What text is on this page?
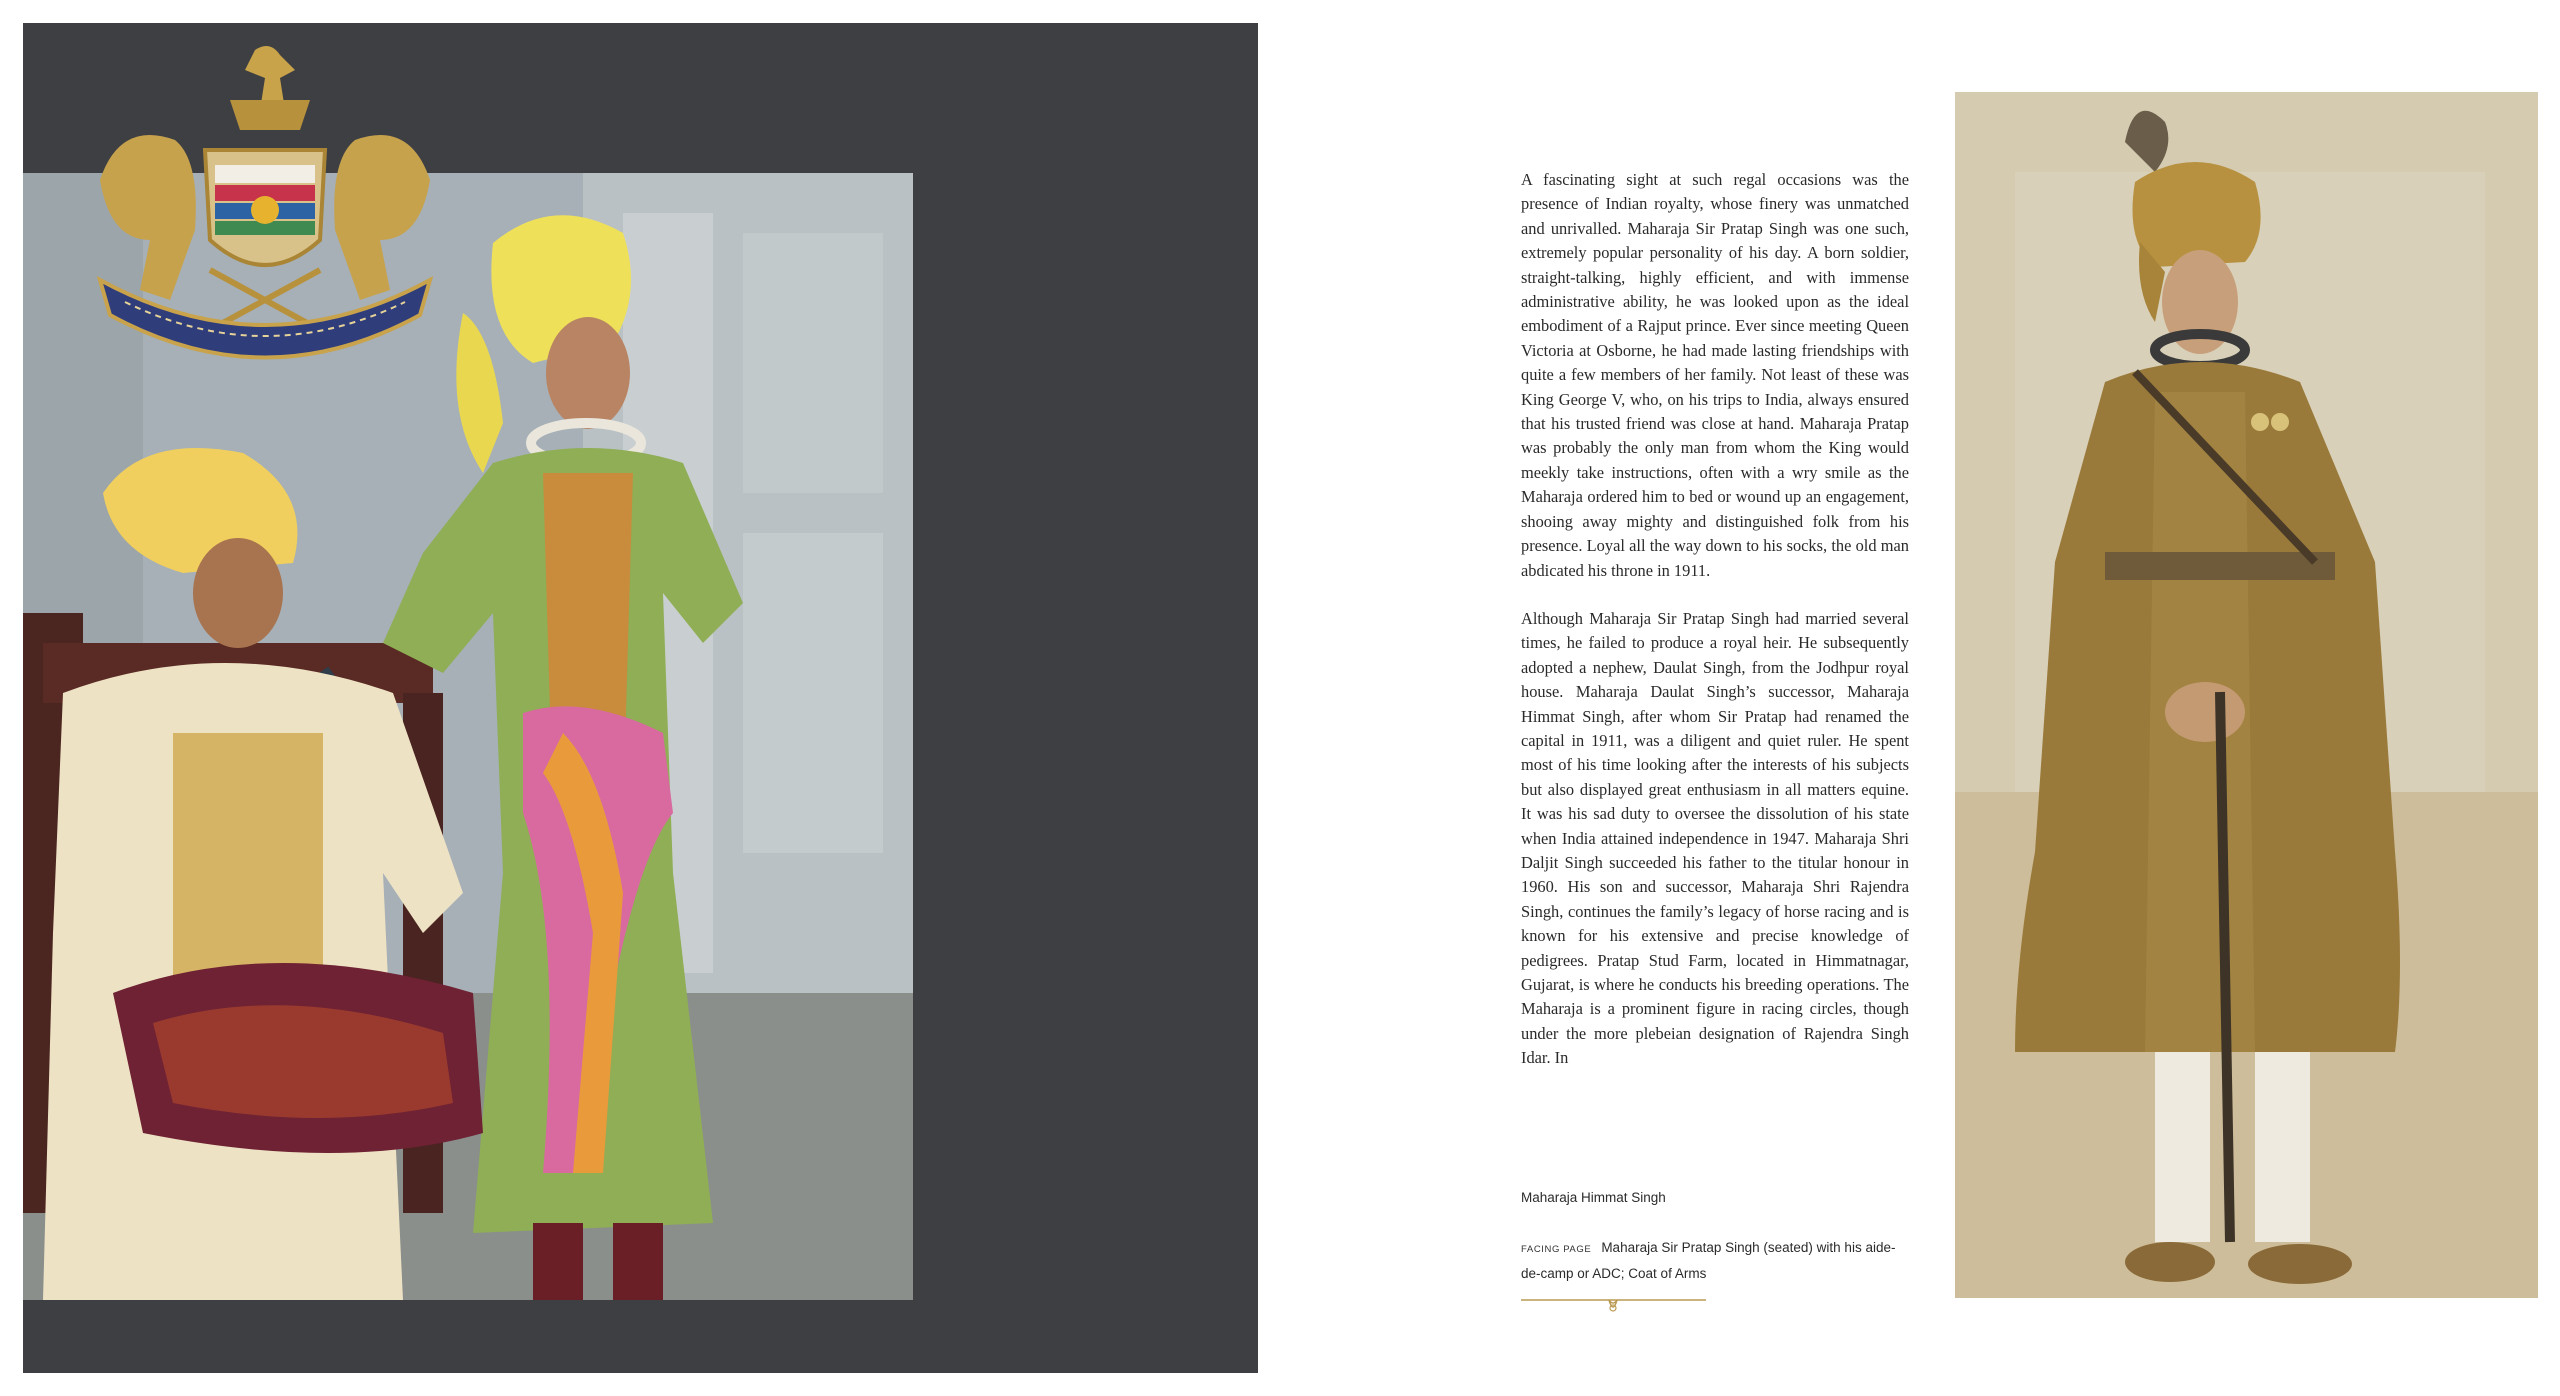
A fascinating sight at such regal occasions was the presence of Indian royalty, whose finery was unmatched and unrivalled. Maharaja Sir Pratap Singh was one such, extremely popular personality of his day. A born soldier, straight-talking, highly efficient, and with immense administrative ability, he was looked upon as the ideal embodiment of a Rajput prince. Ever since meeting Queen Victoria at Osborne, he had made lasting friendships with quite a few members of her family. Not least of these was King George V, who, on his trips to India, always ensured that his trusted friend was close at hand. Maharaja Pratap was probably the only man from whom the King would meekly take instructions, often with a wry smile as the Maharaja ordered him to bed or wound up an engagement, shooing away mighty and distinguished folk from his presence. Loyal all the way down to his socks, the old man abdicated his throne in 1911.

Although Maharaja Sir Pratap Singh had married several times, he failed to produce a royal heir. He subsequently adopted a nephew, Daulat Singh, from the Jodhpur royal house. Maharaja Daulat Singh’s successor, Maharaja Himmat Singh, after whom Sir Pratap had renamed the capital in 1911, was a diligent and quiet ruler. He spent most of his time looking after the interests of his subjects but also displayed great enthusiasm in all matters equine. It was his sad duty to oversee the dissolution of his state when India attained independence in 1947. Maharaja Shri Daljit Singh succeeded his father to the titular honour in 1960. His son and successor, Maharaja Shri Rajendra Singh, continues the family’s legacy of horse racing and is known for his extensive and precise knowledge of pedigrees. Pratap Stud Farm, located in Himmatnagar, Gujarat, is where he conducts his breeding operations. The Maharaja is a prominent figure in racing circles, though under the more plebeian designation of Rajendra Singh Idar. In

Maharaja Himmat Singh

FACING PAGE Maharaja Sir Pratap Singh (seated) with his aide-de-camp or ADC; Coat of Arms
